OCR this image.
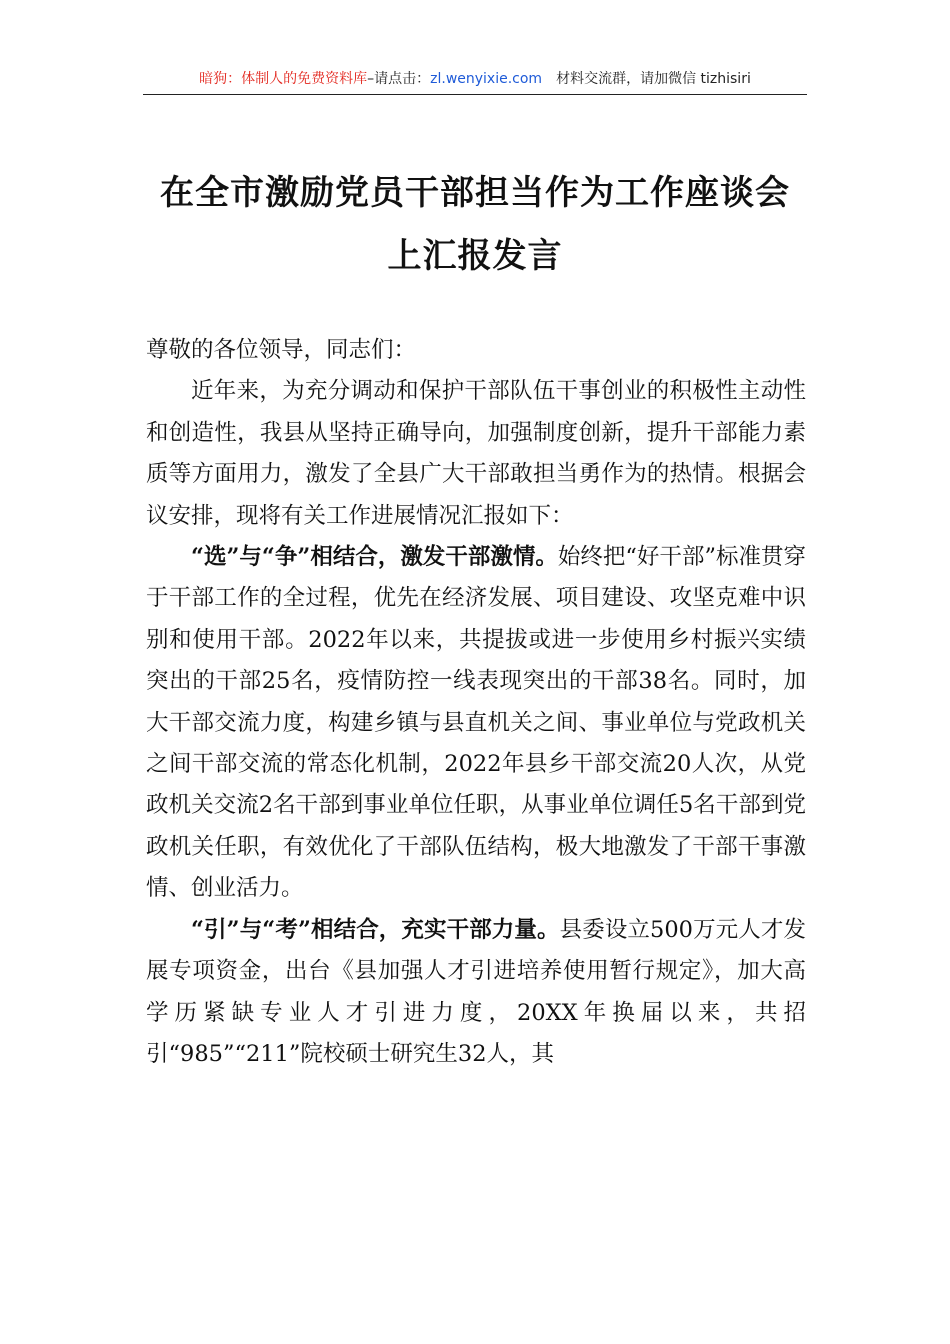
暗狗：体制人的免费资料库–请点击：zl.wenyixie.com 材料交流群，请加微信 tizhisiri
在全市激励党员干部担当作为工作座谈会
上汇报发言

尊敬的各位领导，同志们：

近年来，为充分调动和保护干部队伍干事创业的积极性主动性和创造性，我县从坚持正确导向，加强制度创新，提升干部能力素质等方面用力，激发了全县广大干部敢担当勇作为的热情。根据会议安排，现将有关工作进展情况汇报如下：

“选”与“争”相结合，激发干部激情。始终把“好干部”标准贯穿于干部工作的全过程，优先在经济发展、项目建设、攻坚克难中识别和使用干部。2022年以来，共提拔或进一步使用乡村振兴实绩突出的干部25名，疫情防控一线表现突出的干部38名。同时，加大干部交流力度，构建乡镇与县直机关之间、事业单位与党政机关之间干部交流的常态化机制，2022年县乡干部交流20人次，从党政机关交流2名干部到事业单位任职，从事业单位调任5名干部到党政机关任职，有效优化了干部队伍结构，极大地激发了干部干事激情、创业活力。

“引”与“考”相结合，充实干部力量。县委设立500万元人才发展专项资金，出台《县加强人才引进培养使用暂行规定》，加大高学历紧缺专业人才引进力度，20XX年换届以来，共招引“985”“211”院校硕士研究生32人，其
